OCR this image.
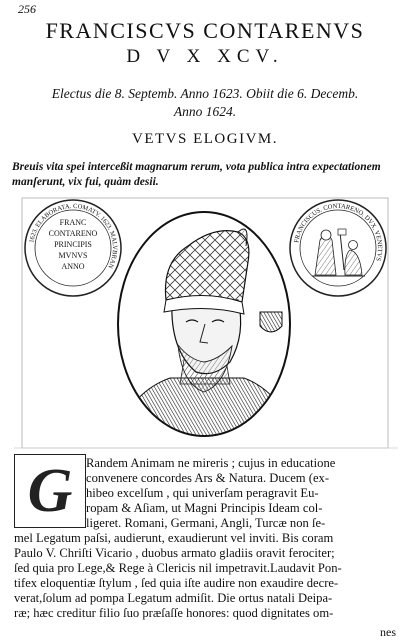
256
FRANCISCVS CONTARENVS
D V X XCV.
Electus die 8. Septemb. Anno 1623. Obiit die 6. Decemb.
Anno 1624.
VETVS ELOGIVM.
Breuis vita spei interceßit magnarum rerum, vota publica intra expectationem
manſerunt, vix fui, quàm desii.
1623. ELABORATA. COMATV. 1623. MALVBRAN
FRANC
CONTARENO
PRINCIPIS
MVNVS
ANNO
FRANCISCUS. CONTARENO. DVX. VENETVS
G	Randem Animam ne mireris ; cujus in educatione
convenere concordes Ars & Natura. Ducem (ex-
hibeo excelſum , qui univerſam peragravit Eu-
ropam & Aſiam, ut Magni Principis Ideam col-
ligeret. Romani, Germani, Angli, Turcæ non ſe-
mel Legatum paſsi, audierunt, exaudierunt vel inviti. Bis coram
Paulo V. Chriſti Vicario , duobus armato gladiis oravit ferociter;
ſed quia pro Lege,& Rege à Clericis nil impetravit.Laudavit Pon-
tifex eloquentiæ ſtylum , ſed quia iſte audire non exaudire decre-
verat,ſolum ad pompa Legatum admiſit. Die ortus natali Deipa-
ræ; hæc creditur filio ſuo præſaſſe honores: quod dignitates om-
nes
